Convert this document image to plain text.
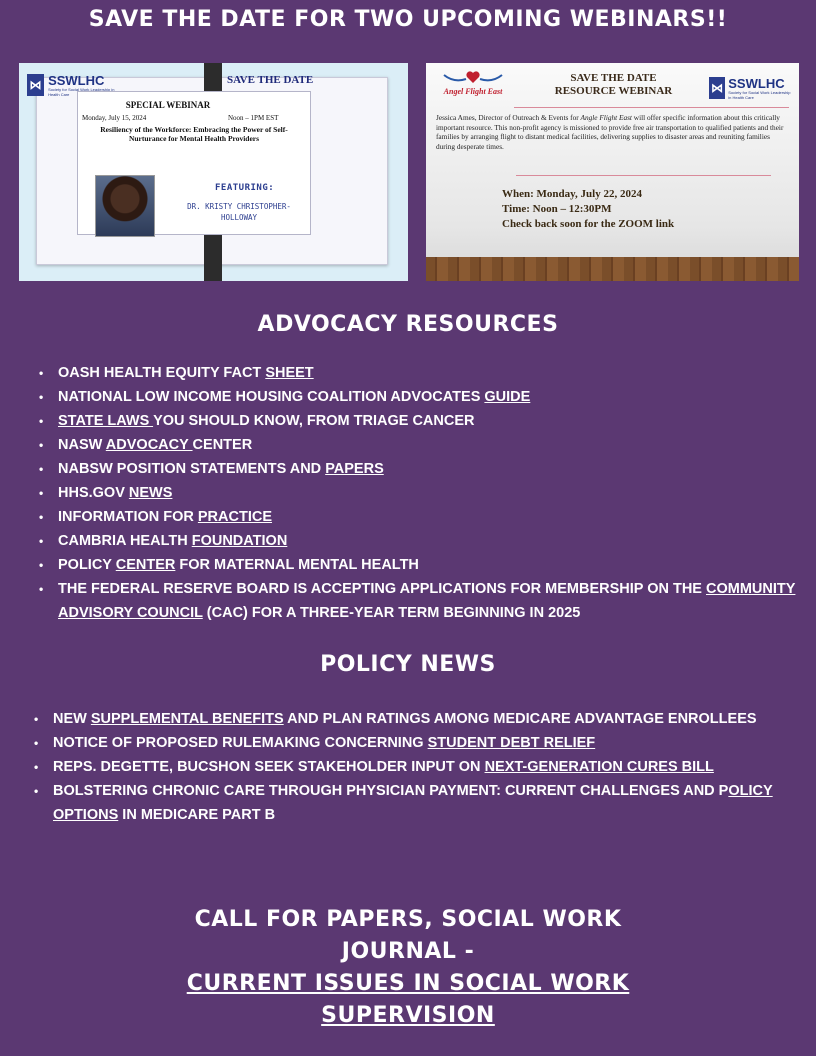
SAVE THE DATE FOR TWO UPCOMING WEBINARS!!
⋈ SSWLHC
Society for Social Work Leadership in Health Care
SAVE THE DATE
SPECIAL WEBINAR
Monday, July 15, 2024	Noon – 1PM EST
Resiliency of the Workforce: Embracing the Power of Self-Nurturance for Mental Health Providers
FEATURING:
DR. KRISTY CHRISTOPHER-HOLLOWAY
Angel Flight East
SAVE THE DATE
RESOURCE WEBINAR	⋈ SSWLHC
Society for Social Work Leadership in Health Care
Jessica Ames, Director of Outreach & Events for Angle Flight East will offer specific information about this critically important resource. This non-profit agency is missioned to provide free air transportation to qualified patients and their families by arranging flight to distant medical facilities, delivering supplies to disaster areas and reuniting families during desperate times.
When: Monday, July 22, 2024
Time: Noon – 12:30PM
Check back soon for the ZOOM link
ADVOCACY RESOURCES
• OASH HEALTH EQUITY FACT SHEET
• NATIONAL LOW INCOME HOUSING COALITION ADVOCATES GUIDE
• STATE LAWS YOU SHOULD KNOW, FROM TRIAGE CANCER
• NASW ADVOCACY CENTER
• NABSW POSITION STATEMENTS AND PAPERS
• HHS.GOV NEWS
• INFORMATION FOR PRACTICE
• CAMBRIA HEALTH FOUNDATION
• POLICY CENTER FOR MATERNAL MENTAL HEALTH
• THE FEDERAL RESERVE BOARD IS ACCEPTING APPLICATIONS FOR MEMBERSHIP ON THE COMMUNITY ADVISORY COUNCIL (CAC) FOR A THREE-YEAR TERM BEGINNING IN 2025
POLICY NEWS
• NEW SUPPLEMENTAL BENEFITS AND PLAN RATINGS AMONG MEDICARE ADVANTAGE ENROLLEES
• NOTICE OF PROPOSED RULEMAKING CONCERNING STUDENT DEBT RELIEF
• REPS. DEGETTE, BUCSHON SEEK STAKEHOLDER INPUT ON NEXT-GENERATION CURES BILL
• BOLSTERING CHRONIC CARE THROUGH PHYSICIAN PAYMENT: CURRENT CHALLENGES AND POLICY OPTIONS IN MEDICARE PART B
CALL FOR PAPERS, SOCIAL WORK
JOURNAL -
CURRENT ISSUES IN SOCIAL WORK
SUPERVISION
